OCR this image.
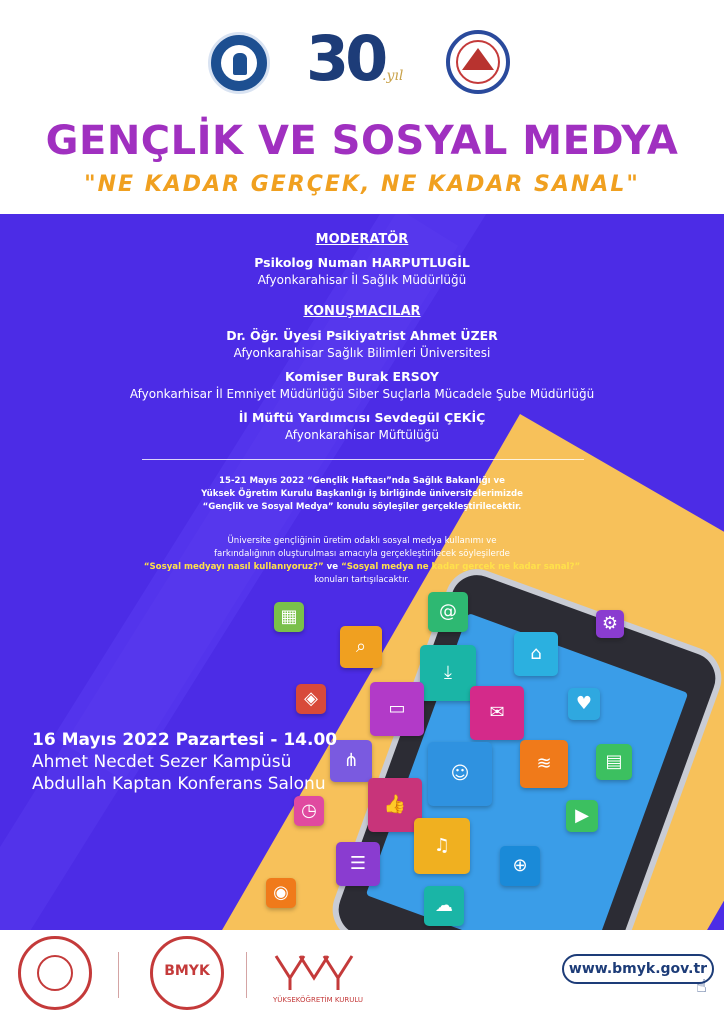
30
.yıl
GENÇLİK VE SOSYAL MEDYA
"NE KADAR GERÇEK, NE KADAR SANAL"
MODERATÖR
Psikolog Numan HARPUTLUGİL
Afyonkarahisar İl Sağlık Müdürlüğü
KONUŞMACILAR
Dr. Öğr. Üyesi Psikiyatrist Ahmet ÜZER
Afyonkarahisar Sağlık Bilimleri Üniversitesi
Komiser Burak ERSOY
Afyonkarhisar İl Emniyet Müdürlüğü Siber Suçlarla Mücadele Şube Müdürlüğü
İl Müftü Yardımcısı Sevdegül ÇEKİÇ
Afyonkarahisar Müftülüğü
15-21 Mayıs 2022 “Gençlik Haftası”nda Sağlık Bakanlığı ve
Yüksek Öğretim Kurulu Başkanlığı iş birliğinde üniversitelerimizde
“Gençlik ve Sosyal Medya” konulu söyleşiler gerçekleştirilecektir.
Üniversite gençliğinin üretim odaklı sosyal medya kullanımı ve
farkındalığının oluşturulması amacıyla gerçekleştirilecek söyleşilerde
“Sosyal medyayı nasıl kullanıyoruz?” ve “Sosyal medya ne kadar gerçek ne kadar sanal?”
konuları tartışılacaktır.
▦
⌕
@
⤓
⌂
⚙
◈	▭	✉	♥
≋	▤
⋔
☺
👍
◷
♫
⊕
▶
☰
◉
☁
16 Mayıs 2022 Pazartesi - 14.00
Ahmet Necdet Sezer Kampüsü
Abdullah Kaptan Konferans Salonu
BMYK
YÜKSEKÖĞRETİM KURULU
www.bmyk.gov.tr
☝
